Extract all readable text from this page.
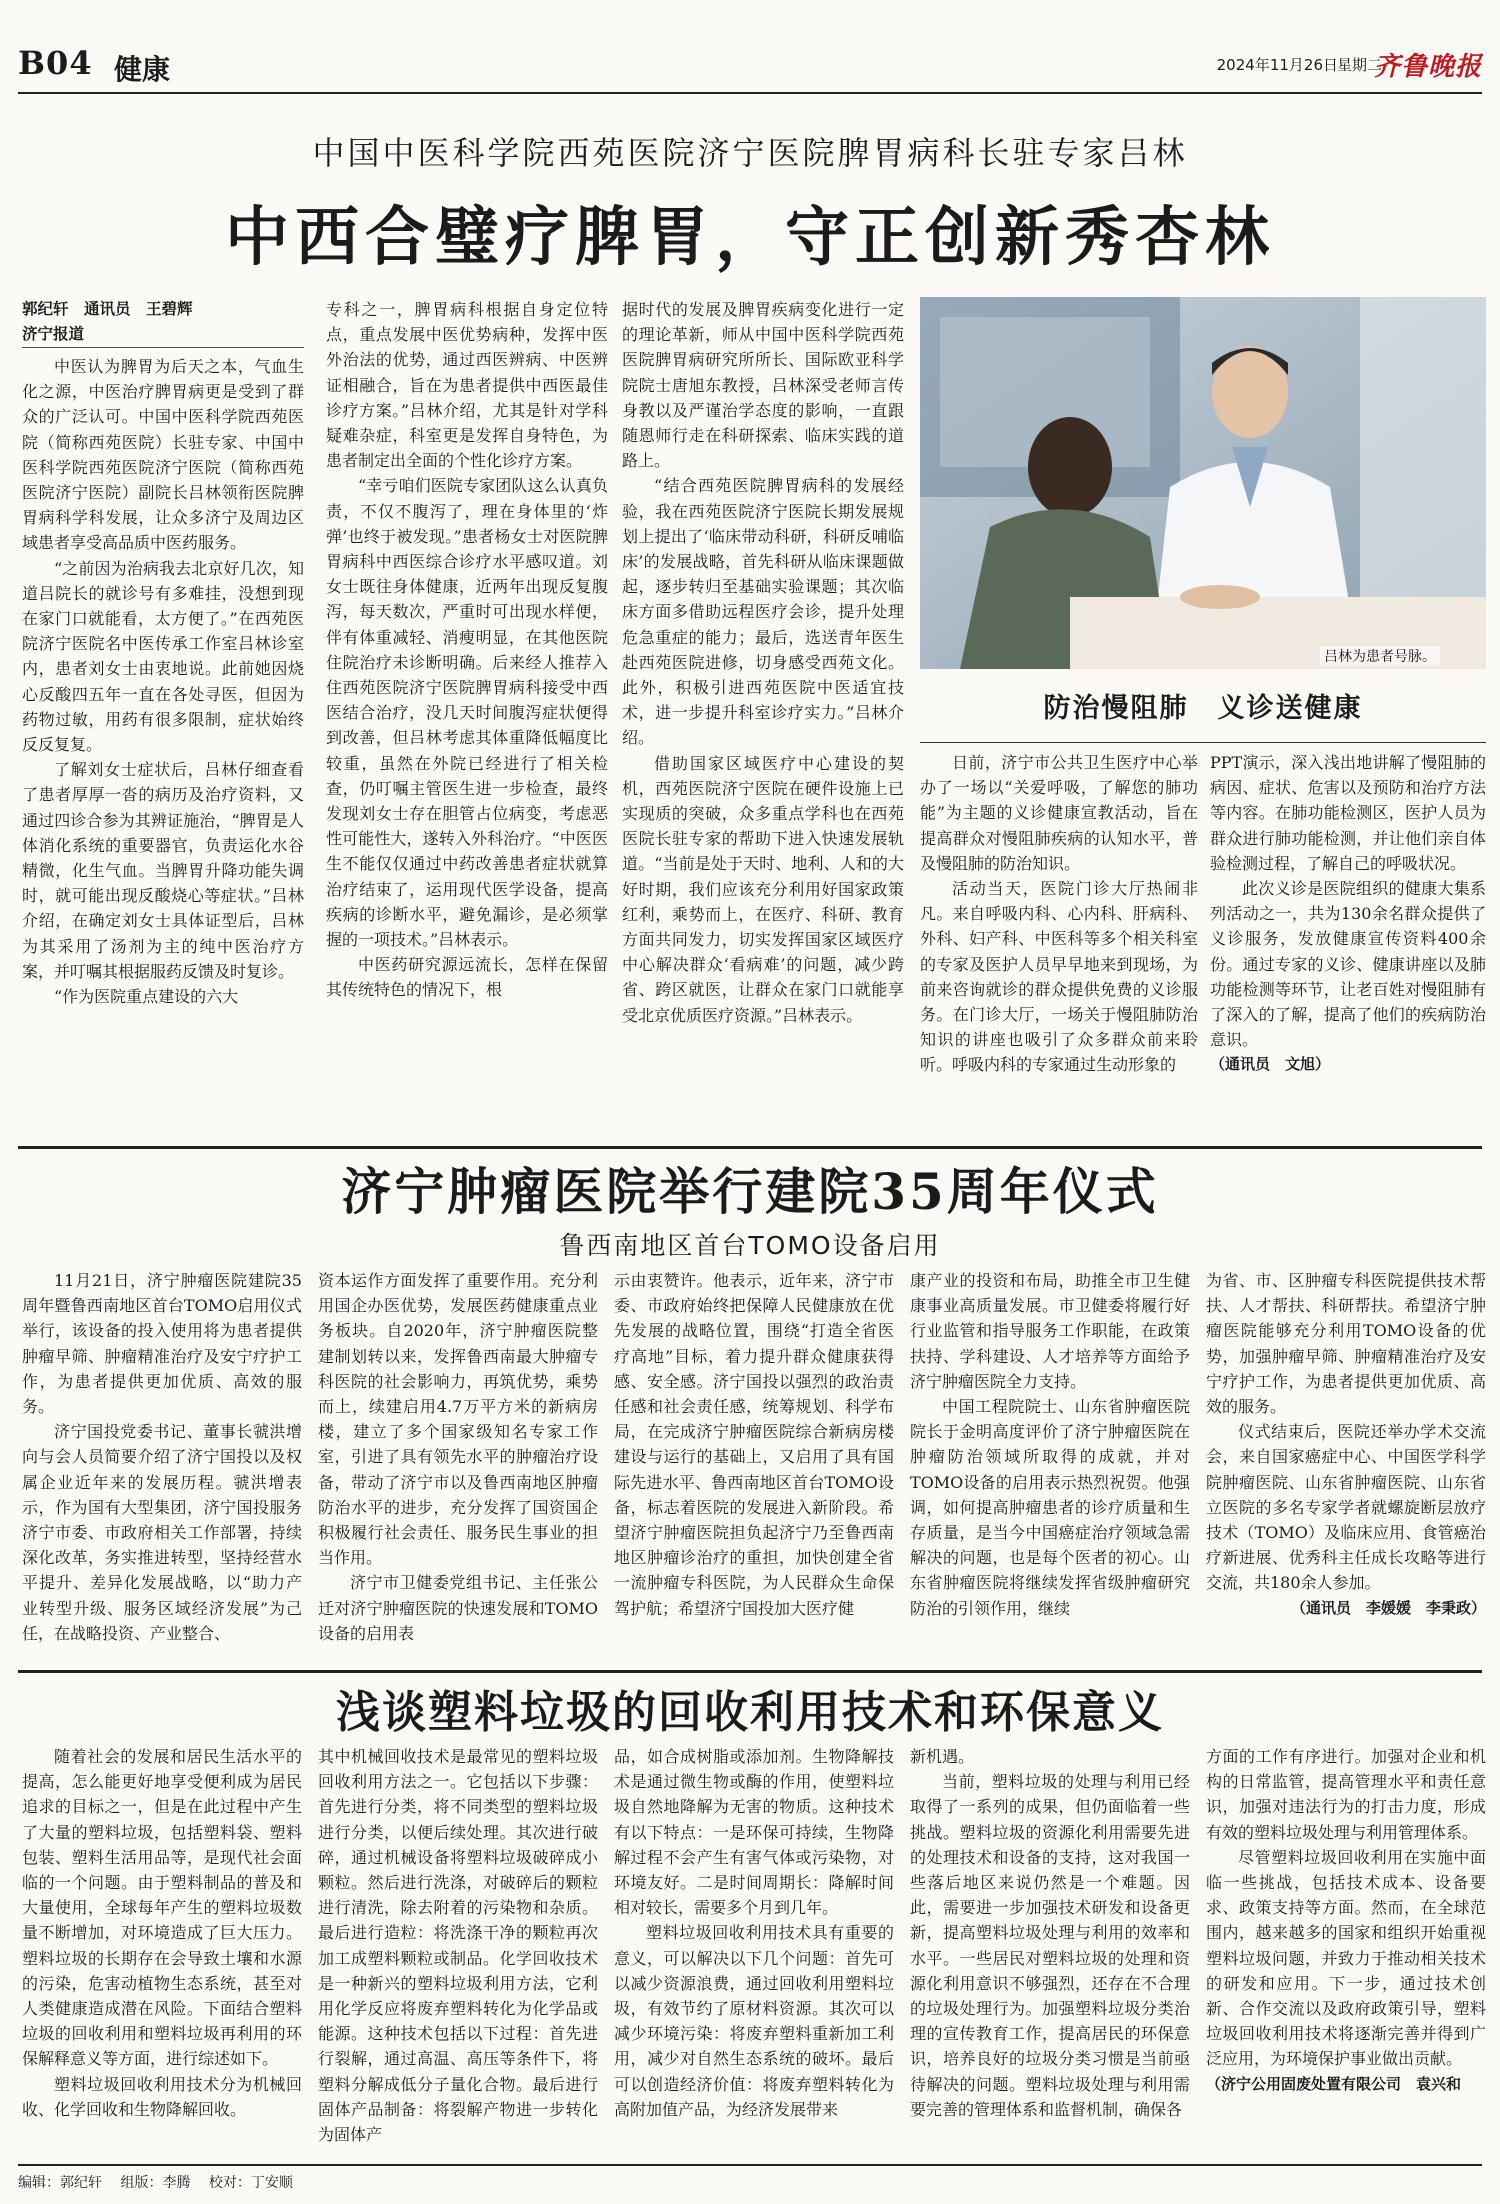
B04 健康	2024年11月26日
星期二
齐鲁晚报
中国中医科学院西苑医院济宁医院脾胃病科长驻专家吕林
中西合璧疗脾胃，守正创新秀杏林

郭纪轩　通讯员　王碧辉

济宁报道

中医认为脾胃为后天之本，气血生化之源，中医治疗脾胃病更是受到了群众的广泛认可。中国中医科学院西苑医院（简称西苑医院）长驻专家、中国中医科学院西苑医院济宁医院（简称西苑医院济宁医院）副院长吕林领衔医院脾胃病科学科发展，让众多济宁及周边区域患者享受高品质中医药服务。

“之前因为治病我去北京好几次，知道吕院长的就诊号有多难挂，没想到现在家门口就能看，太方便了。”在西苑医院济宁医院名中医传承工作室吕林诊室内，患者刘女士由衷地说。此前她因烧心反酸四五年一直在各处寻医，但因为药物过敏，用药有很多限制，症状始终反反复复。

了解刘女士症状后，吕林仔细查看了患者厚厚一沓的病历及治疗资料，又通过四诊合参为其辨证施治，“脾胃是人体消化系统的重要器官，负责运化水谷精微，化生气血。当脾胃升降功能失调时，就可能出现反酸烧心等症状。”吕林介绍，在确定刘女士具体证型后，吕林为其采用了汤剂为主的纯中医治疗方案，并叮嘱其根据服药反馈及时复诊。

“作为医院重点建设的六大

专科之一，脾胃病科根据自身定位特点，重点发展中医优势病种，发挥中医外治法的优势，通过西医辨病、中医辨证相融合，旨在为患者提供中西医最佳诊疗方案。”吕林介绍，尤其是针对学科疑难杂症，科室更是发挥自身特色，为患者制定出全面的个性化诊疗方案。

“幸亏咱们医院专家团队这么认真负责，不仅不腹泻了，理在身体里的‘炸弹’也终于被发现。”患者杨女士对医院脾胃病科中西医综合诊疗水平感叹道。刘女士既往身体健康，近两年出现反复腹泻，每天数次，严重时可出现水样便，伴有体重减轻、消瘦明显，在其他医院住院治疗未诊断明确。后来经人推荐入住西苑医院济宁医院脾胃病科接受中西医结合治疗，没几天时间腹泻症状便得到改善，但吕林考虑其体重降低幅度比较重，虽然在外院已经进行了相关检查，仍叮嘱主管医生进一步检查，最终发现刘女士存在胆管占位病变，考虑恶性可能性大，遂转入外科治疗。“中医医生不能仅仅通过中药改善患者症状就算治疗结束了，运用现代医学设备，提高疾病的诊断水平，避免漏诊，是必须掌握的一项技术。”吕林表示。

中医药研究源远流长，怎样在保留其传统特色的情况下，根

据时代的发展及脾胃疾病变化进行一定的理论革新，师从中国中医科学院西苑医院脾胃病研究所所长、国际欧亚科学院院士唐旭东教授，吕林深受老师言传身教以及严谨治学态度的影响，一直跟随恩师行走在科研探索、临床实践的道路上。

“结合西苑医院脾胃病科的发展经验，我在西苑医院济宁医院长期发展规划上提出了‘临床带动科研，科研反哺临床’的发展战略，首先科研从临床课题做起，逐步转归至基础实验课题；其次临床方面多借助远程医疗会诊，提升处理危急重症的能力；最后，选送青年医生赴西苑医院进修，切身感受西苑文化。此外，积极引进西苑医院中医适宜技术，进一步提升科室诊疗实力。”吕林介绍。

借助国家区域医疗中心建设的契机，西苑医院济宁医院在硬件设施上已实现质的突破，众多重点学科也在西苑医院长驻专家的帮助下进入快速发展轨道。“当前是处于天时、地利、人和的大好时期，我们应该充分利用好国家政策红利，乘势而上，在医疗、科研、教育方面共同发力，切实发挥国家区域医疗中心解决群众‘看病难’的问题，减少跨省、跨区就医，让群众在家门口就能享受北京优质医疗资源。”吕林表示。

吕林为患者号脉。
防治慢阻肺　义诊送健康

日前，济宁市公共卫生医疗中心举办了一场以“关爱呼吸，了解您的肺功能”为主题的义诊健康宣教活动，旨在提高群众对慢阻肺疾病的认知水平，普及慢阻肺的防治知识。

活动当天，医院门诊大厅热闹非凡。来自呼吸内科、心内科、肝病科、外科、妇产科、中医科等多个相关科室的专家及医护人员早早地来到现场，为前来咨询就诊的群众提供免费的义诊服务。在门诊大厅，一场关于慢阻肺防治知识的讲座也吸引了众多群众前来聆听。呼吸内科的专家通过生动形象的

PPT演示，深入浅出地讲解了慢阻肺的病因、症状、危害以及预防和治疗方法等内容。在肺功能检测区，医护人员为群众进行肺功能检测，并让他们亲自体验检测过程，了解自己的呼吸状况。

此次义诊是医院组织的健康大集系列活动之一，共为130余名群众提供了义诊服务，发放健康宣传资料400余份。通过专家的义诊、健康讲座以及肺功能检测等环节，让老百姓对慢阻肺有了深入的了解，提高了他们的疾病防治意识。

（通讯员　文旭）

济宁肿瘤医院举行建院35周年仪式
鲁西南地区首台TOMO设备启用

11月21日，济宁肿瘤医院建院35周年暨鲁西南地区首台TOMO启用仪式举行，该设备的投入使用将为患者提供肿瘤早筛、肿瘤精准治疗及安宁疗护工作，为患者提供更加优质、高效的服务。

济宁国投党委书记、董事长虢洪增向与会人员简要介绍了济宁国投以及权属企业近年来的发展历程。虢洪增表示，作为国有大型集团，济宁国投服务济宁市委、市政府相关工作部署，持续深化改革，务实推进转型，坚持经营水平提升、差异化发展战略，以“助力产业转型升级、服务区域经济发展”为己任，在战略投资、产业整合、

资本运作方面发挥了重要作用。充分利用国企办医优势，发展医药健康重点业务板块。自2020年，济宁肿瘤医院整建制划转以来，发挥鲁西南最大肿瘤专科医院的社会影响力，再筑优势，乘势而上，续建启用4.7万平方米的新病房楼，建立了多个国家级知名专家工作室，引进了具有领先水平的肿瘤治疗设备，带动了济宁市以及鲁西南地区肿瘤防治水平的进步，充分发挥了国资国企积极履行社会责任、服务民生事业的担当作用。

济宁市卫健委党组书记、主任张公迁对济宁肿瘤医院的快速发展和TOMO设备的启用表

示由衷赞许。他表示，近年来，济宁市委、市政府始终把保障人民健康放在优先发展的战略位置，围绕“打造全省医疗高地”目标，着力提升群众健康获得感、安全感。济宁国投以强烈的政治责任感和社会责任感，统筹规划、科学布局，在完成济宁肿瘤医院综合新病房楼建设与运行的基础上，又启用了具有国际先进水平、鲁西南地区首台TOMO设备，标志着医院的发展进入新阶段。希望济宁肿瘤医院担负起济宁乃至鲁西南地区肿瘤诊治疗的重担，加快创建全省一流肿瘤专科医院，为人民群众生命保驾护航；希望济宁国投加大医疗健

康产业的投资和布局，助推全市卫生健康事业高质量发展。市卫健委将履行好行业监管和指导服务工作职能，在政策扶持、学科建设、人才培养等方面给予济宁肿瘤医院全力支持。

中国工程院院士、山东省肿瘤医院院长于金明高度评价了济宁肿瘤医院在肿瘤防治领域所取得的成就，并对TOMO设备的启用表示热烈祝贺。他强调，如何提高肿瘤患者的诊疗质量和生存质量，是当今中国癌症治疗领域急需解决的问题，也是每个医者的初心。山东省肿瘤医院将继续发挥省级肿瘤研究防治的引领作用，继续

为省、市、区肿瘤专科医院提供技术帮扶、人才帮扶、科研帮扶。希望济宁肿瘤医院能够充分利用TOMO设备的优势，加强肿瘤早筛、肿瘤精准治疗及安宁疗护工作，为患者提供更加优质、高效的服务。

仪式结束后，医院还举办学术交流会，来自国家癌症中心、中国医学科学院肿瘤医院、山东省肿瘤医院、山东省立医院的多名专家学者就螺旋断层放疗技术（TOMO）及临床应用、食管癌治疗新进展、优秀科主任成长攻略等进行交流，共180余人参加。

（通讯员　李媛媛　李秉政）

浅谈塑料垃圾的回收利用技术和环保意义

随着社会的发展和居民生活水平的提高，怎么能更好地享受便利成为居民追求的目标之一，但是在此过程中产生了大量的塑料垃圾，包括塑料袋、塑料包装、塑料生活用品等，是现代社会面临的一个问题。由于塑料制品的普及和大量使用，全球每年产生的塑料垃圾数量不断增加，对环境造成了巨大压力。塑料垃圾的长期存在会导致土壤和水源的污染，危害动植物生态系统，甚至对人类健康造成潜在风险。下面结合塑料垃圾的回收利用和塑料垃圾再利用的环保解释意义等方面，进行综述如下。

塑料垃圾回收利用技术分为机械回收、化学回收和生物降解回收。

其中机械回收技术是最常见的塑料垃圾回收利用方法之一。它包括以下步骤：首先进行分类，将不同类型的塑料垃圾进行分类，以便后续处理。其次进行破碎，通过机械设备将塑料垃圾破碎成小颗粒。然后进行洗涤，对破碎后的颗粒进行清洗，除去附着的污染物和杂质。最后进行造粒：将洗涤干净的颗粒再次加工成塑料颗粒或制品。化学回收技术是一种新兴的塑料垃圾利用方法，它利用化学反应将废弃塑料转化为化学品或能源。这种技术包括以下过程：首先进行裂解，通过高温、高压等条件下，将塑料分解成低分子量化合物。最后进行固体产品制备：将裂解产物进一步转化为固体产

品，如合成树脂或添加剂。生物降解技术是通过微生物或酶的作用，使塑料垃圾自然地降解为无害的物质。这种技术有以下特点：一是环保可持续，生物降解过程不会产生有害气体或污染物，对环境友好。二是时间周期长：降解时间相对较长，需要多个月到几年。

塑料垃圾回收利用技术具有重要的意义，可以解决以下几个问题：首先可以减少资源浪费，通过回收利用塑料垃圾，有效节约了原材料资源。其次可以减少环境污染：将废弃塑料重新加工利用，减少对自然生态系统的破坏。最后可以创造经济价值：将废弃塑料转化为高附加值产品，为经济发展带来

新机遇。

当前，塑料垃圾的处理与利用已经取得了一系列的成果，但仍面临着一些挑战。塑料垃圾的资源化利用需要先进的处理技术和设备的支持，这对我国一些落后地区来说仍然是一个难题。因此，需要进一步加强技术研发和设备更新，提高塑料垃圾处理与利用的效率和水平。一些居民对塑料垃圾的处理和资源化利用意识不够强烈，还存在不合理的垃圾处理行为。加强塑料垃圾分类治理的宣传教育工作，提高居民的环保意识，培养良好的垃圾分类习惯是当前亟待解决的问题。塑料垃圾处理与利用需要完善的管理体系和监督机制，确保各

方面的工作有序进行。加强对企业和机构的日常监管，提高管理水平和责任意识，加强对违法行为的打击力度，形成有效的塑料垃圾处理与利用管理体系。

尽管塑料垃圾回收利用在实施中面临一些挑战，包括技术成本、设备要求、政策支持等方面。然而，在全球范围内，越来越多的国家和组织开始重视塑料垃圾问题，并致力于推动相关技术的研发和应用。下一步，通过技术创新、合作交流以及政府政策引导，塑料垃圾回收利用技术将逐渐完善并得到广泛应用，为环境保护事业做出贡献。

（济宁公用固废处置有限公司　袁兴和

编辑：郭纪轩 组版：李腾 校对：丁安顺
